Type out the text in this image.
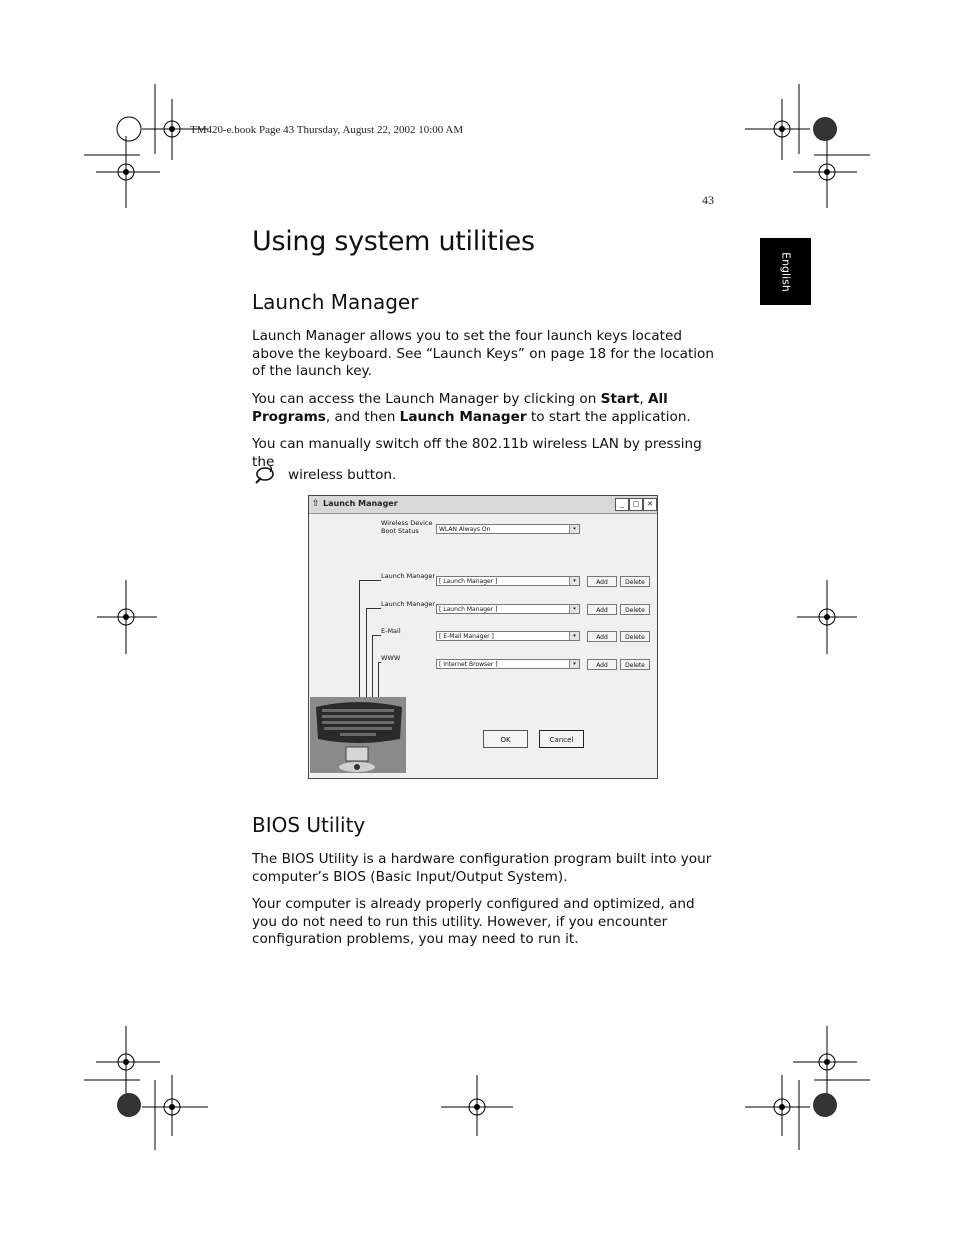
TM420-e.book Page 43 Thursday, August 22, 2002 10:00 AM
43
English
Using system utilities
Launch Manager

Launch Manager allows you to set the four launch keys located above the keyboard. See “Launch Keys” on page 18 for the location of the launch key.

You can access the Launch Manager by clicking on Start, All Programs, and then Launch Manager to start the application.

You can manually switch off the 802.11b wireless LAN by pressing the

wireless button.
⇧ Launch Manager	_	□	✕
Wireless Device
Boot Status	WLAN Always On	▾
Launch Manager
[ Launch Manager ]	▾	Add	Delete
Launch Manager
[ Launch Manager ]	▾	Add	Delete
E-Mail
[ E-Mail Manager ]	▾	Add	Delete
WWW
[ Internet Browser ]	▾	Add	Delete
OK	Cancel
BIOS Utility

The BIOS Utility is a hardware configuration program built into your computer’s BIOS (Basic Input/Output System).

Your computer is already properly configured and optimized, and you do not need to run this utility. However, if you encounter configuration problems, you may need to run it.
